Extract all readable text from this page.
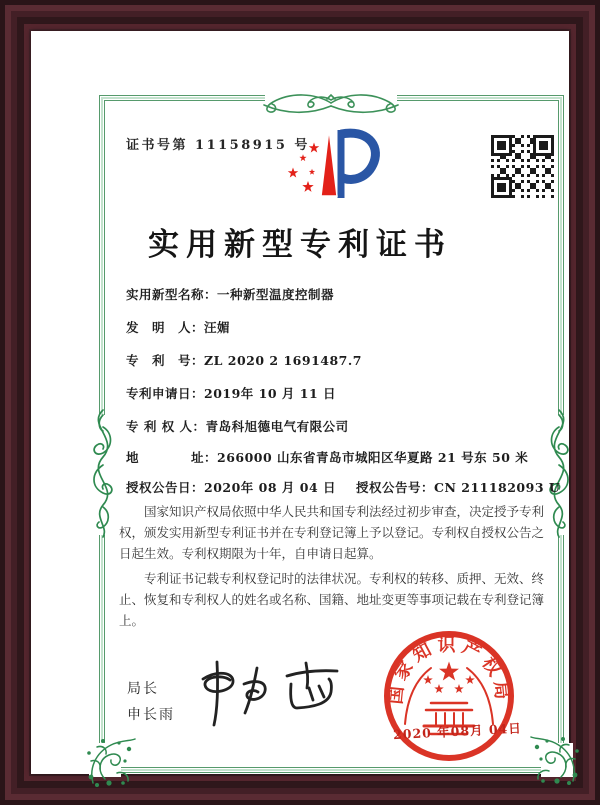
证书号第 11158915 号
实用新型专利证书
实用新型名称：一种新型温度控制器
发　明　人：汪媚
专　利　号：ZL 2020 2 1691487.7
专利申请日：2019年 10 月 11 日
专 利 权 人：青岛科旭德电气有限公司
地　　　　址：266000 山东省青岛市城阳区华夏路 21 号东 50 米
授权公告日：2020年 08 月 04 日 授权公告号：CN 211182093 U

国家知识产权局依照中华人民共和国专利法经过初步审查，决定授予专利权，颁发实用新型专利证书并在专利登记簿上予以登记。专利权自授权公告之日起生效。专利权期限为十年，自申请日起算。

专利证书记载专利权登记时的法律状况。专利权的转移、质押、无效、终止、恢复和专利权人的姓名或名称、国籍、地址变更等事项记载在专利登记簿上。

局长
申长雨
国家知识产权局
2020 年08月 04日
